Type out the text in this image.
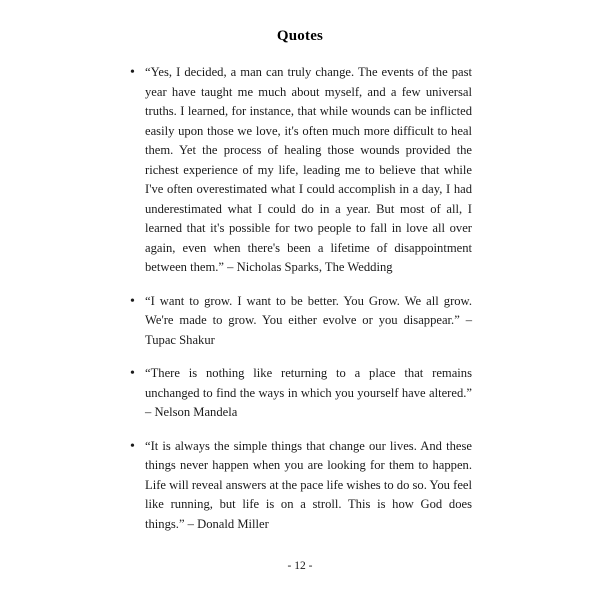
Quotes
• “Yes, I decided, a man can truly change. The events of the past year have taught me much about myself, and a few universal truths. I learned, for instance, that while wounds can be inflicted easily upon those we love, it's often much more difficult to heal them. Yet the process of healing those wounds provided the richest experience of my life, leading me to believe that while I've often overestimated what I could accomplish in a day, I had underestimated what I could do in a year. But most of all, I learned that it's possible for two people to fall in love all over again, even when there's been a lifetime of disappointment between them.” – Nicholas Sparks, The Wedding
• “I want to grow. I want to be better. You Grow. We all grow. We're made to grow. You either evolve or you disappear.” – Tupac Shakur
• “There is nothing like returning to a place that remains unchanged to find the ways in which you yourself have altered.” – Nelson Mandela
• “It is always the simple things that change our lives. And these things never happen when you are looking for them to happen. Life will reveal answers at the pace life wishes to do so. You feel like running, but life is on a stroll. This is how God does things.” – Donald Miller
- 12 -
